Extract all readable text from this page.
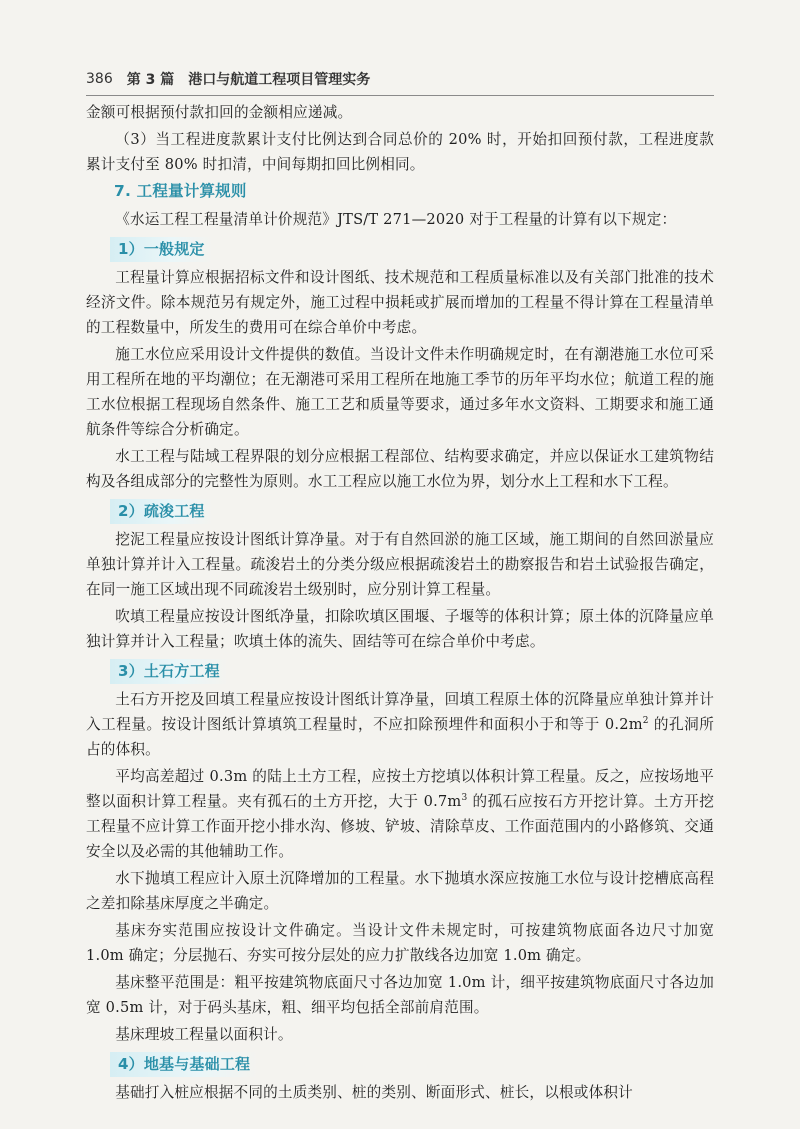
386 第 3 篇 港口与航道工程项目管理实务

金额可根据预付款扣回的金额相应递减。

（3）当工程进度款累计支付比例达到合同总价的 20% 时，开始扣回预付款，工程进度款累计支付至 80% 时扣清，中间每期扣回比例相同。

7. 工程量计算规则

《水运工程工程量清单计价规范》JTS/T 271—2020 对于工程量的计算有以下规定：

1）一般规定

工程量计算应根据招标文件和设计图纸、技术规范和工程质量标准以及有关部门批准的技术经济文件。除本规范另有规定外，施工过程中损耗或扩展而增加的工程量不得计算在工程量清单的工程数量中，所发生的费用可在综合单价中考虑。

施工水位应采用设计文件提供的数值。当设计文件未作明确规定时，在有潮港施工水位可采用工程所在地的平均潮位；在无潮港可采用工程所在地施工季节的历年平均水位；航道工程的施工水位根据工程现场自然条件、施工工艺和质量等要求，通过多年水文资料、工期要求和施工通航条件等综合分析确定。

水工工程与陆域工程界限的划分应根据工程部位、结构要求确定，并应以保证水工建筑物结构及各组成部分的完整性为原则。水工工程应以施工水位为界，划分水上工程和水下工程。

2）疏浚工程

挖泥工程量应按设计图纸计算净量。对于有自然回淤的施工区域，施工期间的自然回淤量应单独计算并计入工程量。疏浚岩土的分类分级应根据疏浚岩土的勘察报告和岩土试验报告确定，在同一施工区域出现不同疏浚岩土级别时，应分别计算工程量。

吹填工程量应按设计图纸净量，扣除吹填区围堰、子堰等的体积计算；原土体的沉降量应单独计算并计入工程量；吹填土体的流失、固结等可在综合单价中考虑。

3）土石方工程

土石方开挖及回填工程量应按设计图纸计算净量，回填工程原土体的沉降量应单独计算并计入工程量。按设计图纸计算填筑工程量时，不应扣除预埋件和面积小于和等于 $0.2m^2$ 的孔洞所占的体积。

平均高差超过 0.3m 的陆上土方工程，应按土方挖填以体积计算工程量。反之，应按场地平整以面积计算工程量。夹有孤石的土方开挖，大于 $0.7m^3$ 的孤石应按石方开挖计算。土方开挖工程量不应计算工作面开挖小排水沟、修坡、铲坡、清除草皮、工作面范围内的小路修筑、交通安全以及必需的其他辅助工作。

水下抛填工程应计入原土沉降增加的工程量。水下抛填水深应按施工水位与设计挖槽底高程之差扣除基床厚度之半确定。

基床夯实范围应按设计文件确定。当设计文件未规定时，可按建筑物底面各边尺寸加宽 1.0m 确定；分层抛石、夯实可按分层处的应力扩散线各边加宽 1.0m 确定。

基床整平范围是：粗平按建筑物底面尺寸各边加宽 1.0m 计，细平按建筑物底面尺寸各边加宽 0.5m 计，对于码头基床，粗、细平均包括全部前肩范围。

基床理坡工程量以面积计。

4）地基与基础工程

基础打入桩应根据不同的土质类别、桩的类别、断面形式、桩长，以根或体积计
